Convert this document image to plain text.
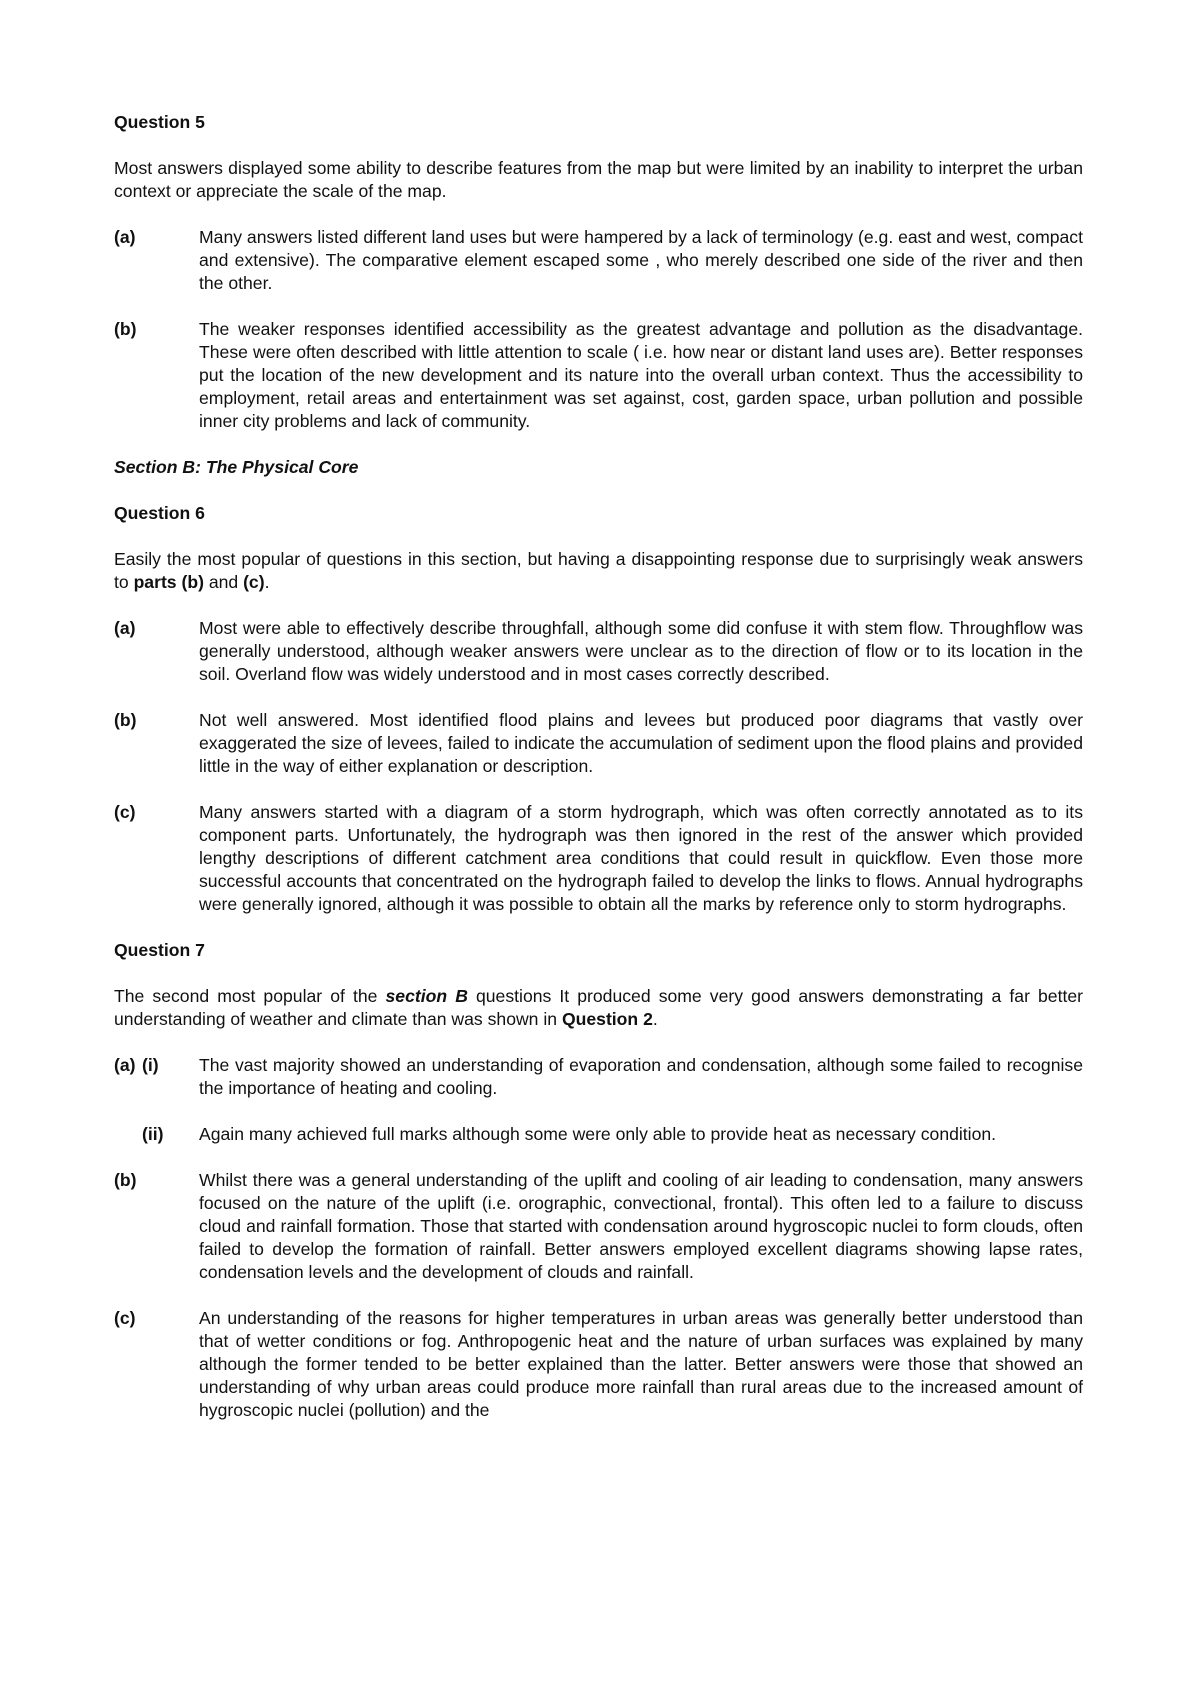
Question 5

Most answers displayed some ability to describe features from the map but were limited by an inability to interpret the urban context or appreciate the scale of the map.

(a)	Many answers listed different land uses but were hampered by a lack of terminology (e.g. east and west, compact and extensive). The comparative element escaped some , who merely described one side of the river and then the other.

(b)	The weaker responses identified accessibility as the greatest advantage and pollution as the disadvantage. These were often described with little attention to scale ( i.e. how near or distant land uses are). Better responses put the location of the new development and its nature into the overall urban context. Thus the accessibility to employment, retail areas and entertainment was set against, cost, garden space, urban pollution and possible inner city problems and lack of community.

Section B: The Physical Core

Question 6

Easily the most popular of questions in this section, but having a disappointing response due to surprisingly weak answers to parts (b) and (c).

(a)	Most were able to effectively describe throughfall, although some did confuse it with stem flow. Throughflow was generally understood, although weaker answers were unclear as to the direction of flow or to its location in the soil. Overland flow was widely understood and in most cases correctly described.

(b)	Not well answered. Most identified flood plains and levees but produced poor diagrams that vastly over exaggerated the size of levees, failed to indicate the accumulation of sediment upon the flood plains and provided little in the way of either explanation or description.

(c)	Many answers started with a diagram of a storm hydrograph, which was often correctly annotated as to its component parts. Unfortunately, the hydrograph was then ignored in the rest of the answer which provided lengthy descriptions of different catchment area conditions that could result in quickflow. Even those more successful accounts that concentrated on the hydrograph failed to develop the links to flows. Annual hydrographs were generally ignored, although it was possible to obtain all the marks by reference only to storm hydrographs.

Question 7

The second most popular of the section B questions It produced some very good answers demonstrating a far better understanding of weather and climate than was shown in Question 2.

(a) (i) The vast majority showed an understanding of evaporation and condensation, although some failed to recognise the importance of heating and cooling.

(ii)	Again many achieved full marks although some were only able to provide heat as necessary condition.

(b)	Whilst there was a general understanding of the uplift and cooling of air leading to condensation, many answers focused on the nature of the uplift (i.e. orographic, convectional, frontal). This often led to a failure to discuss cloud and rainfall formation. Those that started with condensation around hygroscopic nuclei to form clouds, often failed to develop the formation of rainfall. Better answers employed excellent diagrams showing lapse rates, condensation levels and the development of clouds and rainfall.

(c)	An understanding of the reasons for higher temperatures in urban areas was generally better understood than that of wetter conditions or fog. Anthropogenic heat and the nature of urban surfaces was explained by many although the former tended to be better explained than the latter. Better answers were those that showed an understanding of why urban areas could produce more rainfall than rural areas due to the increased amount of hygroscopic nuclei (pollution) and the
